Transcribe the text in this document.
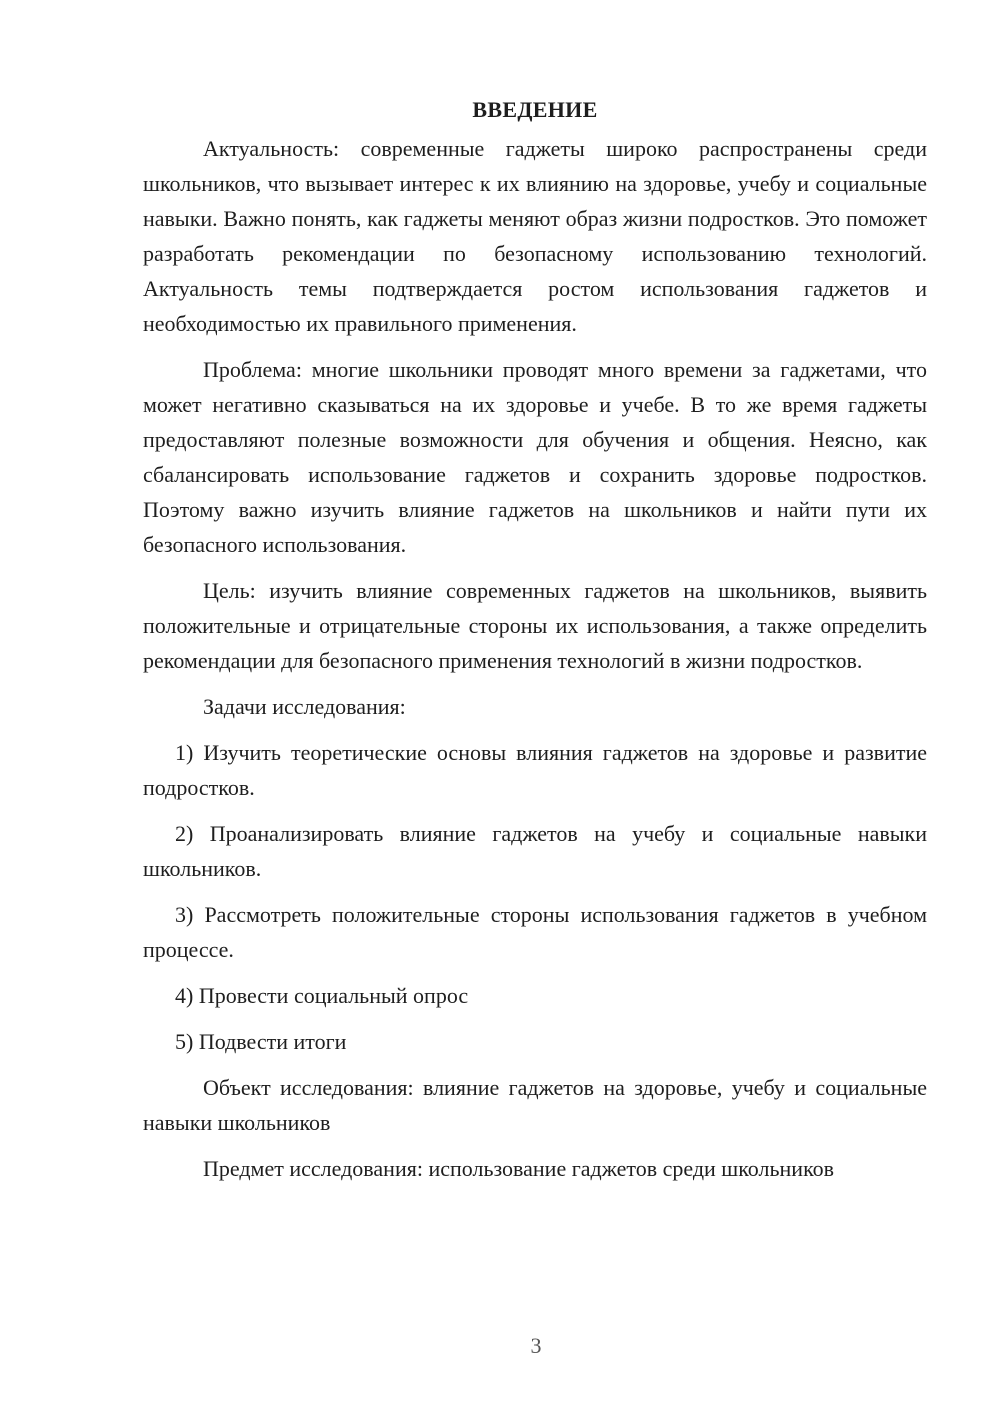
ВВЕДЕНИЕ

Актуальность: современные гаджеты широко распространены среди школьников, что вызывает интерес к их влиянию на здоровье, учебу и социальные навыки. Важно понять, как гаджеты меняют образ жизни подростков. Это поможет разработать рекомендации по безопасному использованию технологий. Актуальность темы подтверждается ростом использования гаджетов и необходимостью их правильного применения.

Проблема: многие школьники проводят много времени за гаджетами, что может негативно сказываться на их здоровье и учебе. В то же время гаджеты предоставляют полезные возможности для обучения и общения. Неясно, как сбалансировать использование гаджетов и сохранить здоровье подростков. Поэтому важно изучить влияние гаджетов на школьников и найти пути их безопасного использования.

Цель: изучить влияние современных гаджетов на школьников, выявить положительные и отрицательные стороны их использования, а также определить рекомендации для безопасного применения технологий в жизни подростков.

Задачи исследования:

1) Изучить теоретические основы влияния гаджетов на здоровье и развитие подростков.

2) Проанализировать влияние гаджетов на учебу и социальные навыки школьников.

3) Рассмотреть положительные стороны использования гаджетов в учебном процессе.

4) Провести социальный опрос

5) Подвести итоги

Объект исследования: влияние гаджетов на здоровье, учебу и социальные навыки школьников

Предмет исследования: использование гаджетов среди школьников

3
